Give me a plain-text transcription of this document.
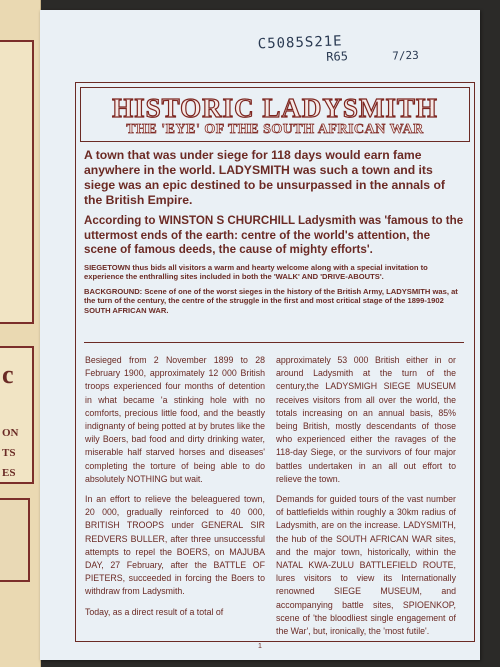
c
ON
TS
ES
C5085S21E
R65	7/23
HISTORIC LADYSMITH
THE 'EYE' OF THE SOUTH AFRICAN WAR

A town that was under siege for 118 days would earn fame anywhere in the world. LADYSMITH was such a town and its siege was an epic destined to be unsurpassed in the annals of the British Empire.

According to WINSTON S CHURCHILL Ladysmith was 'famous to the uttermost ends of the earth: centre of the world's attention, the scene of famous deeds, the cause of mighty efforts'.

SIEGETOWN thus bids all visitors a warm and hearty welcome along with a special invitation to experience the enthralling sites included in both the 'WALK' AND 'DRIVE-ABOUTS'.

BACKGROUND: Scene of one of the worst sieges in the history of the British Army, LADYSMITH was, at the turn of the century, the centre of the struggle in the first and most critical stage of the 1899-1902 SOUTH AFRICAN WAR.

Besieged from 2 November 1899 to 28 February 1900, approximately 12 000 British troops experienced four months of detention in what became 'a stinking hole with no comforts, precious little food, and the beastly indignanty of being potted at by brutes like the wily Boers, bad food and dirty drinking water, miserable half starved horses and diseases' completing the torture of being able to do absolutely NOTHING but wait.

In an effort to relieve the beleaguered town, 20 000, gradually reinforced to 40 000, BRITISH TROOPS under GENERAL SIR REDVERS BULLER, after three unsuccessful attempts to repel the BOERS, on MAJUBA DAY, 27 February, after the BATTLE OF PIETERS, succeeded in forcing the Boers to withdraw from Ladysmith.

Today, as a direct result of a total of

approximately 53 000 British either in or around Ladysmith at the turn of the century,the LADYSMIGH SIEGE MUSEUM receives visitors from all over the world, the totals increasing on an annual basis, 85% being British, mostly descendants of those who experienced either the ravages of the 118-day Siege, or the survivors of four major battles undertaken in an all out effort to relieve the town.

Demands for guided tours of the vast number of battlefields within roughly a 30km radius of Ladysmith, are on the increase. LADYSMITH, the hub of the SOUTH AFRICAN WAR sites, and the major town, historically, within the NATAL KWA-ZULU BATTLEFIELD ROUTE, lures visitors to view its Internationally renowned SIEGE MUSEUM, and accompanying battle sites, SPIOENKOP, scene of 'the bloodliest single engagement of the War', but, ironically, the 'most futile'.

1
